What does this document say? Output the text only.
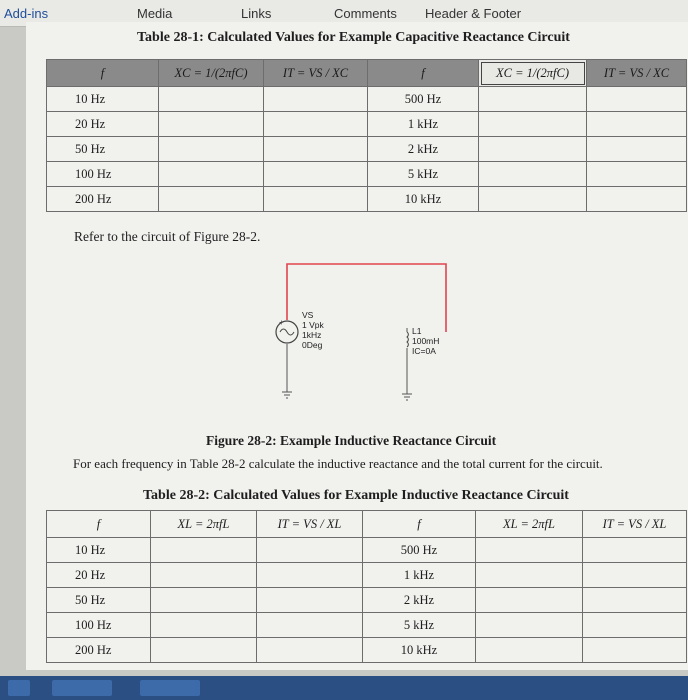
Add-ins	Media	Links	Comments Header & Footer
Table 28-1: Calculated Values for Example Capacitive Reactance Circuit
f	XC = 1/(2πfC)	IT = VS / XC	f	XC = 1/(2πfC)	IT = VS / XC
10 Hz			500 Hz		
20 Hz			1 kHz		
50 Hz			2 kHz		
100 Hz			5 kHz		
200 Hz			10 kHz		
Refer to the circuit of Figure 28-2.
+
VS
1 Vpk
1kHz
0Deg
L1
100mH
IC=0A
Figure 28-2: Example Inductive Reactance Circuit
For each frequency in Table 28-2 calculate the inductive reactance and the total current for the circuit.
Table 28-2: Calculated Values for Example Inductive Reactance Circuit
f	XL = 2πfL	IT = VS / XL	f	XL = 2πfL	IT = VS / XL
10 Hz			500 Hz		
20 Hz			1 kHz		
50 Hz			2 kHz		
100 Hz			5 kHz		
200 Hz			10 kHz		
